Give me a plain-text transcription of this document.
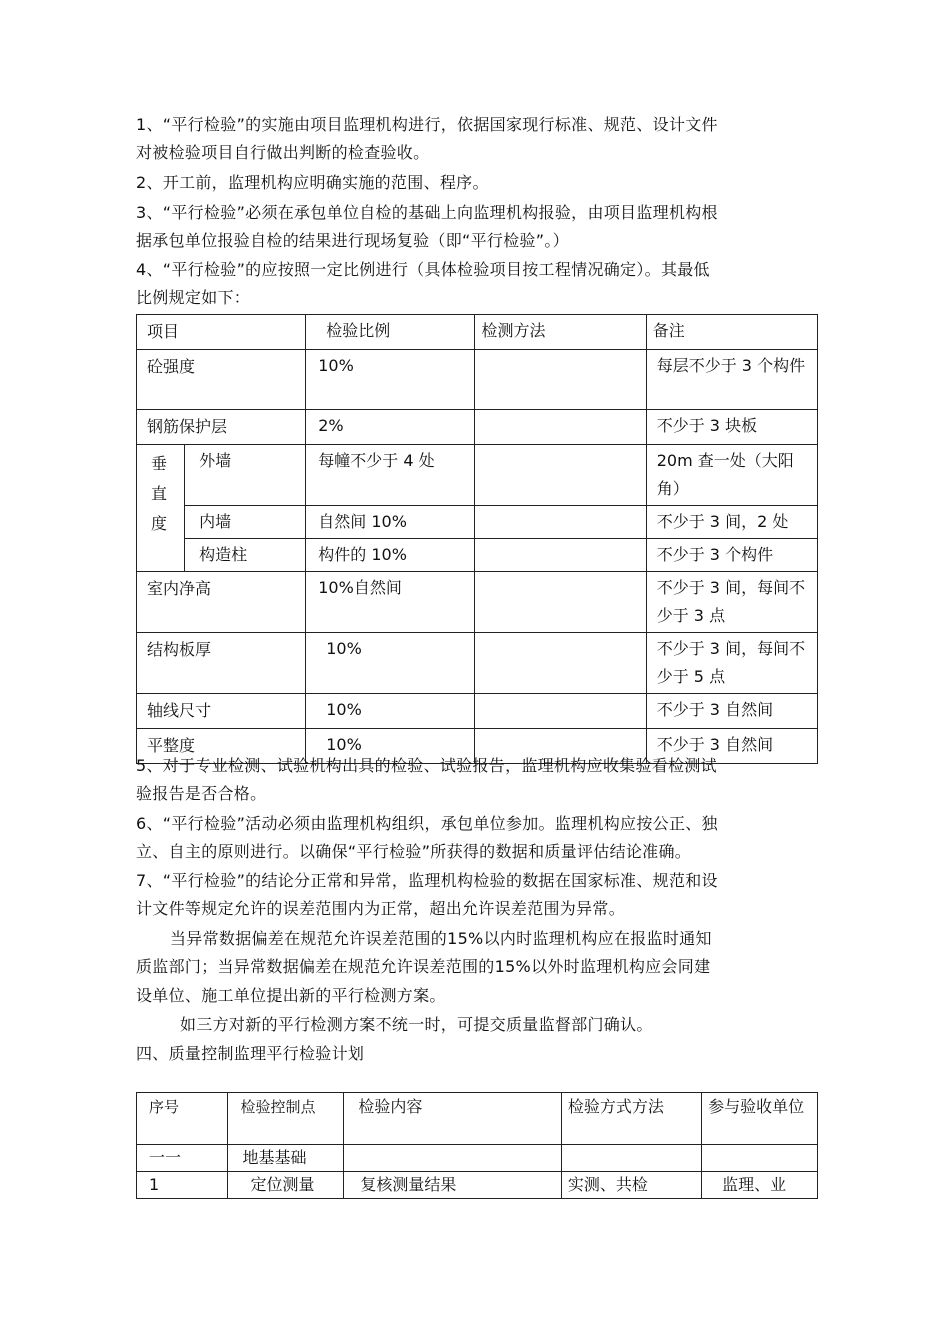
1、“平行检验”的实施由项目监理机构进行，依据国家现行标准、规范、设计文件
对被检验项目自行做出判断的检查验收。
2、开工前，监理机构应明确实施的范围、程序。
3、“平行检验”必须在承包单位自检的基础上向监理机构报验，由项目监理机构根
据承包单位报验自检的结果进行现场复验（即“平行检验”。）
4、“平行检验”的应按照一定比例进行（具体检验项目按工程情况确定）。其最低
比例规定如下：
项目		检验比例	检测方法	备注
砼强度		10%		每层不少于 3 个构件
钢筋保护层		2%		不少于 3 块板
垂直度	外墙	每幢不少于 4 处		20m 查一处（大阳角）
	内墙	自然间 10%		不少于 3 间，2 处
	构造柱	构件的 10%		不少于 3 个构件
室内净高		10%自然间		不少于 3 间，每间不少于 3 点
结构板厚		10%		不少于 3 间，每间不少于 5 点
轴线尺寸		10%		不少于 3 自然间
平整度		10%		不少于 3 自然间
5、对于专业检测、试验机构出具的检验、试验报告，监理机构应收集验看检测试
验报告是否合格。
6、“平行检验”活动必须由监理机构组织，承包单位参加。监理机构应按公正、独
立、自主的原则进行。以确保“平行检验”所获得的数据和质量评估结论准确。
7、“平行检验”的结论分正常和异常，监理机构检验的数据在国家标准、规范和设
计文件等规定允许的误差范围内为正常，超出允许误差范围为异常。
当异常数据偏差在规范允许误差范围的15%以内时监理机构应在报监时通知
质监部门；当异常数据偏差在规范允许误差范围的15%以外时监理机构应会同建
设单位、施工单位提出新的平行检测方案。
如三方对新的平行检测方案不统一时，可提交质量监督部门确认。
四、质量控制监理平行检验计划
序号	检验控制点	检验内容	检验方式方法	参与验收单位
一一	地基基础			
1	定位测量	复核测量结果	实测、共检	监理、业
